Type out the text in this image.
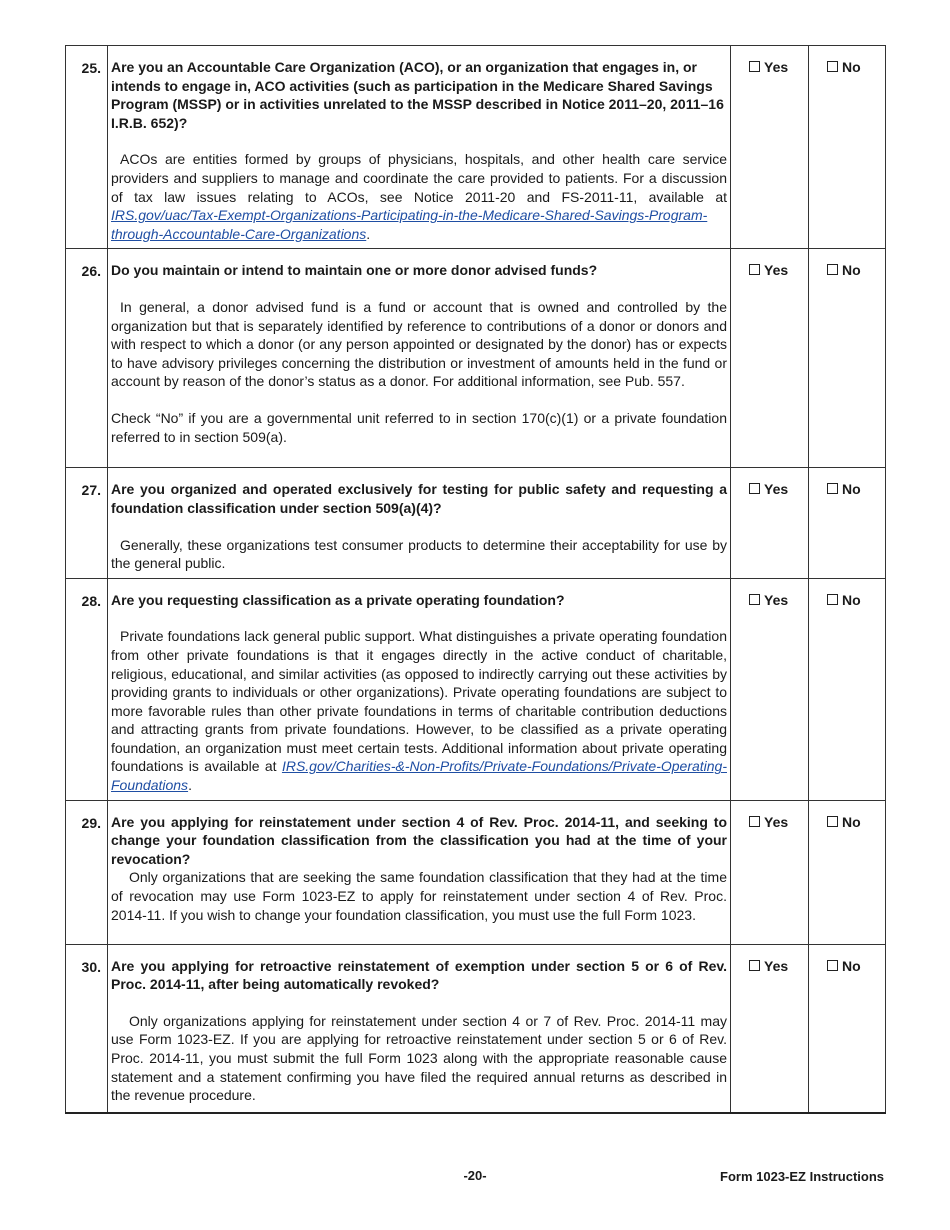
25.	Are you an Accountable Care Organization (ACO), or an organization that engages in, or intends to engage in, ACO activities (such as participation in the Medicare Shared Savings Program (MSSP) or in activities unrelated to the MSSP described in Notice 2011–20, 2011–16 I.R.B. 652)?
ACOs are entities formed by groups of physicians, hospitals, and other health care service providers and suppliers to manage and coordinate the care provided to patients. For a discussion of tax law issues relating to ACOs, see Notice 2011-20 and FS-2011-11, available at IRS.gov/uac/Tax-Exempt-Organizations-Participating-in-the-Medicare-Shared-Savings-Program-through-Accountable-Care-Organizations.	Yes	No
26.	Do you maintain or intend to maintain one or more donor advised funds?
In general, a donor advised fund is a fund or account that is owned and controlled by the organization but that is separately identified by reference to contributions of a donor or donors and with respect to which a donor (or any person appointed or designated by the donor) has or expects to have advisory privileges concerning the distribution or investment of amounts held in the fund or account by reason of the donor’s status as a donor. For additional information, see Pub. 557.
Check “No” if you are a governmental unit referred to in section 170(c)(1) or a private foundation referred to in section 509(a).	Yes	No
27.	Are you organized and operated exclusively for testing for public safety and requesting a foundation classification under section 509(a)(4)?
Generally, these organizations test consumer products to determine their acceptability for use by the general public.	Yes	No
28.	Are you requesting classification as a private operating foundation?
Private foundations lack general public support. What distinguishes a private operating foundation from other private foundations is that it engages directly in the active conduct of charitable, religious, educational, and similar activities (as opposed to indirectly carrying out these activities by providing grants to individuals or other organizations). Private operating foundations are subject to more favorable rules than other private foundations in terms of charitable contribution deductions and attracting grants from private foundations. However, to be classified as a private operating foundation, an organization must meet certain tests. Additional information about private operating foundations is available at IRS.gov/Charities-&-Non-Profits/Private-Foundations/Private-Operating-Foundations.	Yes	No
29.	Are you applying for reinstatement under section 4 of Rev. Proc. 2014-11, and seeking to change your foundation classification from the classification you had at the time of your revocation?
Only organizations that are seeking the same foundation classification that they had at the time of revocation may use Form 1023-EZ to apply for reinstatement under section 4 of Rev. Proc. 2014-11. If you wish to change your foundation classification, you must use the full Form 1023.	Yes	No
30.	Are you applying for retroactive reinstatement of exemption under section 5 or 6 of Rev. Proc. 2014-11, after being automatically revoked?
Only organizations applying for reinstatement under section 4 or 7 of Rev. Proc. 2014-11 may use Form 1023-EZ. If you are applying for retroactive reinstatement under section 5 or 6 of Rev. Proc. 2014-11, you must submit the full Form 1023 along with the appropriate reasonable cause statement and a statement confirming you have filed the required annual returns as described in the revenue procedure.	Yes	No
-20-	Form 1023-EZ Instructions
